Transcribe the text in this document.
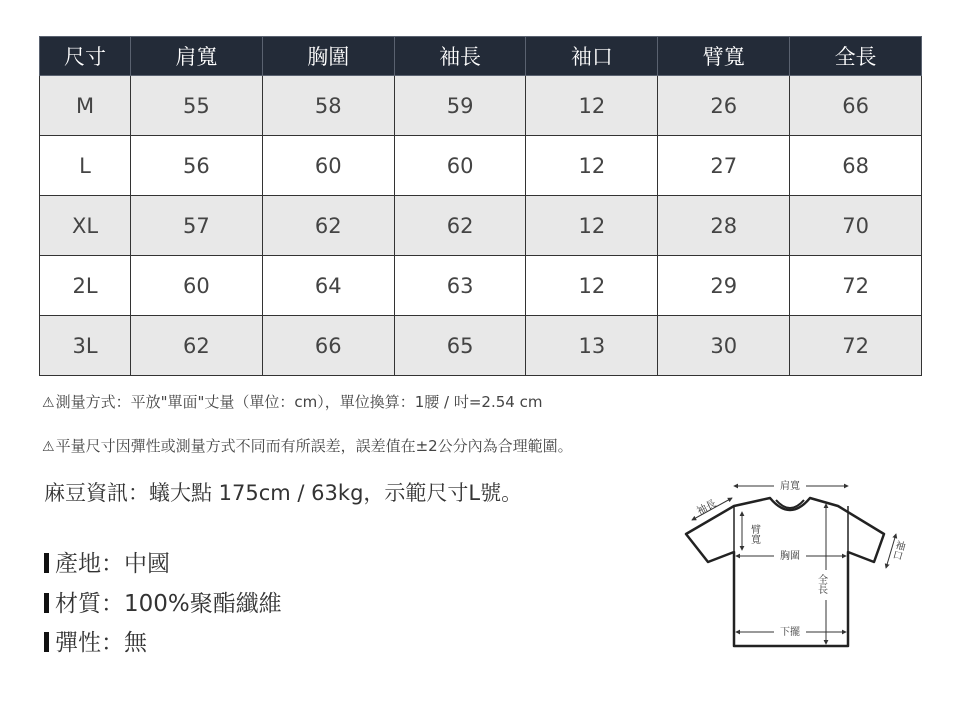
尺寸	肩寬	胸圍	袖長	袖口	臂寬	全長
M	55	58	59	12	26	66
L	56	60	60	12	27	68
XL	57	62	62	12	28	70
2L	60	64	63	12	29	72
3L	62	66	65	13	30	72
⚠測量方式：平放"單面"丈量（單位：cm），單位換算：1腰 / 吋=2.54 cm
⚠平量尺寸因彈性或測量方式不同而有所誤差，誤差值在±2公分內為合理範圍。
麻豆資訊：蟻大點 175cm / 63kg，示範尺寸L號。
產地：中國
材質：100%聚酯纖維
彈性：無
肩寬
袖長
臂寬
胸圍
全長
袖口
下擺
